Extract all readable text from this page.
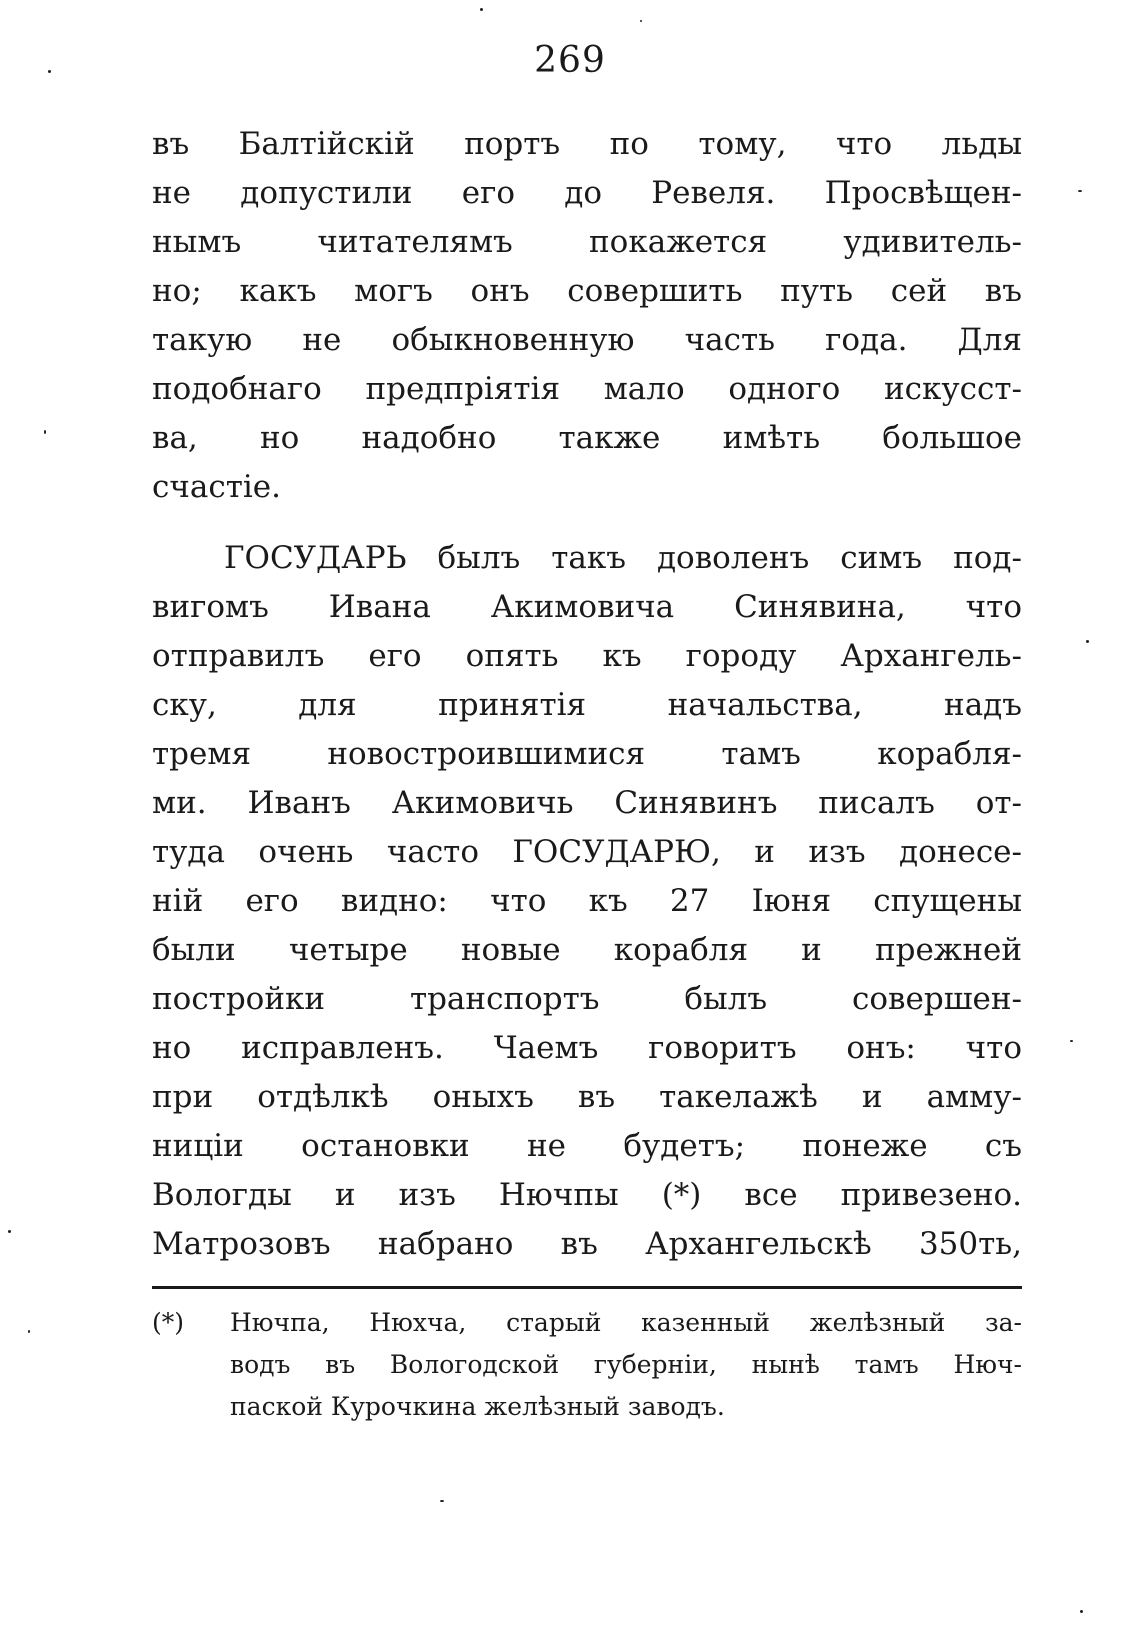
269
въ Балтійскій портъ по тому, что льды
не допустили его до Ревеля. Просвѣщен-
нымъ читателямъ покажется удивитель-
но; какъ могъ онъ совершить путь сей въ
такую не обыкновенную часть года. Для
подобнаго предпріятія мало одного искусст-
ва, но надобно также имѣть большое
счастіе.
ГОСУДАРЬ былъ такъ доволенъ симъ под-
вигомъ Ивана Акимовича Синявина, что
отправилъ его опять къ городу Архангель-
ску, для принятія начальства, надъ
тремя новостроившимися тамъ корабля-
ми. Иванъ Акимовичь Синявинъ писалъ от-
туда очень часто ГОСУДАРЮ, и изъ донесе-
ній его видно: что къ 27 Іюня спущены
были четыре новые корабля и прежней
постройки транспортъ былъ совершен-
но исправленъ. Чаемъ говоритъ онъ: что
при отдѣлкѣ оныхъ въ такелажѣ и амму-
ниціи остановки не будетъ; понеже съ
Вологды и изъ Нючпы (*) все привезено.
Матрозовъ набрано въ Архангельскѣ 350ть,
(*) Нючпа, Нюхча, старый казенный желѣзный за-
водъ въ Вологодской губерніи, нынѣ тамъ Нюч-
пaской Курочкина желѣзный заводъ.
